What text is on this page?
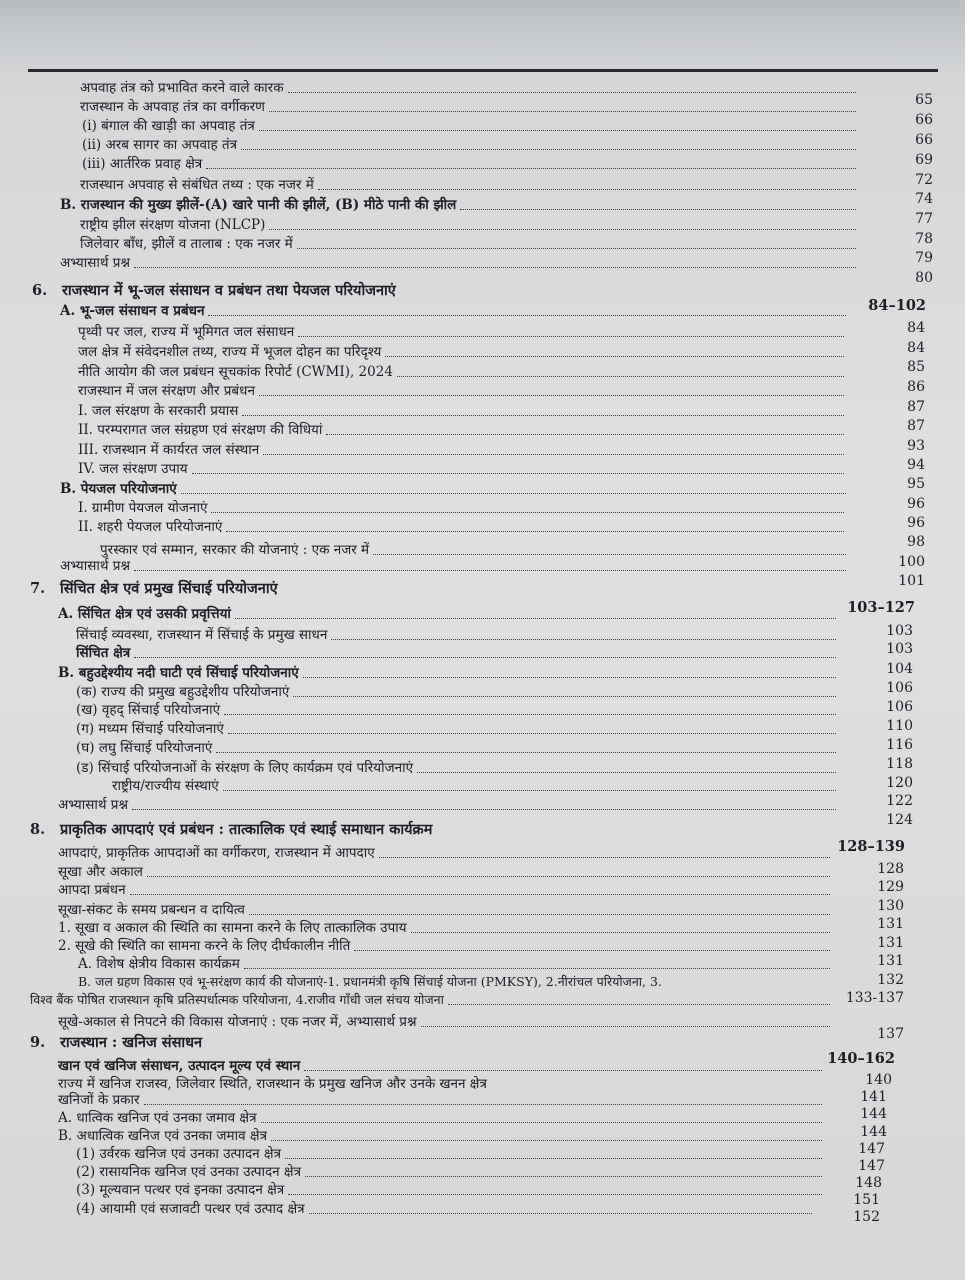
अपवाह तंत्र को प्रभावित करने वाले कारक
राजस्थान के अपवाह तंत्र का वर्गीकरण
(i) बंगाल की खाड़ी का अपवाह तंत्र
(ii) अरब सागर का अपवाह तंत्र
(iii) आर्तरिक प्रवाह क्षेत्र
राजस्थान अपवाह से संबंधित तथ्य : एक नजर में
B. राजस्थान की मुख्य झीलें-(A) खारे पानी की झीलें, (B) मीठे पानी की झील
राष्ट्रीय झील संरक्षण योजना (NLCP)
जिलेवार बाँध, झीलें व तालाब : एक नजर में
अभ्यासार्थ प्रश्न
65
66
66
69
72
74
77
78
79
80
6. राजस्थान में भू-जल संसाधन व प्रबंधन तथा पेयजल परियोजनाएं
84–102
A. भू-जल संसाधन व प्रबंधन
पृथ्वी पर जल, राज्य में भूमिगत जल संसाधन
जल क्षेत्र में संवेदनशील तथ्य, राज्य में भूजल दोहन का परिदृश्य
नीति आयोग की जल प्रबंधन सूचकांक रिपोर्ट (CWMI), 2024
राजस्थान में जल संरक्षण और प्रबंधन
I. जल संरक्षण के सरकारी प्रयास
II. परम्परागत जल संग्रहण एवं संरक्षण की विधियां
III. राजस्थान में कार्यरत जल संस्थान
IV. जल संरक्षण उपाय
B. पेयजल परियोजनाएं
I. ग्रामीण पेयजल योजनाएं
II. शहरी पेयजल परियोजनाएं
पुरस्कार एवं सम्मान, सरकार की योजनाएं : एक नजर में
अभ्यासार्थ प्रश्न
84
84
85
86
87
87
93
94
95
96
96
98
100
101
7. सिंचित क्षेत्र एवं प्रमुख सिंचाई परियोजनाएं
103–127
A. सिंचित क्षेत्र एवं उसकी प्रवृत्तियां
सिंचाई व्यवस्था, राजस्थान में सिंचाई के प्रमुख साधन
सिंचित क्षेत्र
B. बहुउद्देश्यीय नदी घाटी एवं सिंचाई परियोजनाएं
(क) राज्य की प्रमुख बहुउद्देशीय परियोजनाएं
(ख) वृहद् सिंचाई परियोजनाएं
(ग) मध्यम सिंचाई परियोजनाएं
(घ) लघु सिंचाई परियोजनाएं
(ड) सिंचाई परियोजनाओं के संरक्षण के लिए कार्यक्रम एवं परियोजनाएं
राष्ट्रीय/राज्यीय संस्थाएं
अभ्यासार्थ प्रश्न
103
103
104
106
106
110
116
118
120
122
124
8. प्राकृतिक आपदाएं एवं प्रबंधन : तात्कालिक एवं स्थाई समाधान कार्यक्रम
128–139
आपदाएं, प्राकृतिक आपदाओं का वर्गीकरण, राजस्थान में आपदाए
सूखा और अकाल
आपदा प्रबंधन
सूखा-संकट के समय प्रबन्धन व दायित्व
1. सूखा व अकाल की स्थिति का सामना करने के लिए तात्कालिक उपाय
2. सूखे की स्थिति का सामना करने के लिए दीर्घकालीन नीति
A. विशेष क्षेत्रीय विकास कार्यक्रम
B. जल ग्रहण विकास एवं भू-सरंक्षण कार्य की योजनाएं-1. प्रधानमंत्री कृषि सिंचाई योजना (PMKSY), 2.नीरांचल परियोजना, 3.
विश्व बैंक पोषित राजस्थान कृषि प्रतिस्पर्धात्मक परियोजना, 4.राजीव गाँधी जल संचय योजना
सूखे-अकाल से निपटने की विकास योजनाएं : एक नजर में, अभ्यासार्थ प्रश्न
128
129
130
131
131
131
132
133-137
137
9. राजस्थान : खनिज संसाधन
140–162
खान एवं खनिज संसाधन, उत्पादन मूल्य एवं स्थान
राज्य में खनिज राजस्व, जिलेवार स्थिति, राजस्थान के प्रमुख खनिज और उनके खनन क्षेत्र
खनिजों के प्रकार
A. धात्विक खनिज एवं उनका जमाव क्षेत्र
B. अधात्विक खनिज एवं उनका जमाव क्षेत्र
(1) उर्वरक खनिज एवं उनका उत्पादन क्षेत्र
(2) रासायनिक खनिज एवं उनका उत्पादन क्षेत्र
(3) मूल्यवान पत्थर एवं इनका उत्पादन क्षेत्र
(4) आयामी एवं सजावटी पत्थर एवं उत्पाद क्षेत्र
140
141
144
144
147
147
148
151
152
